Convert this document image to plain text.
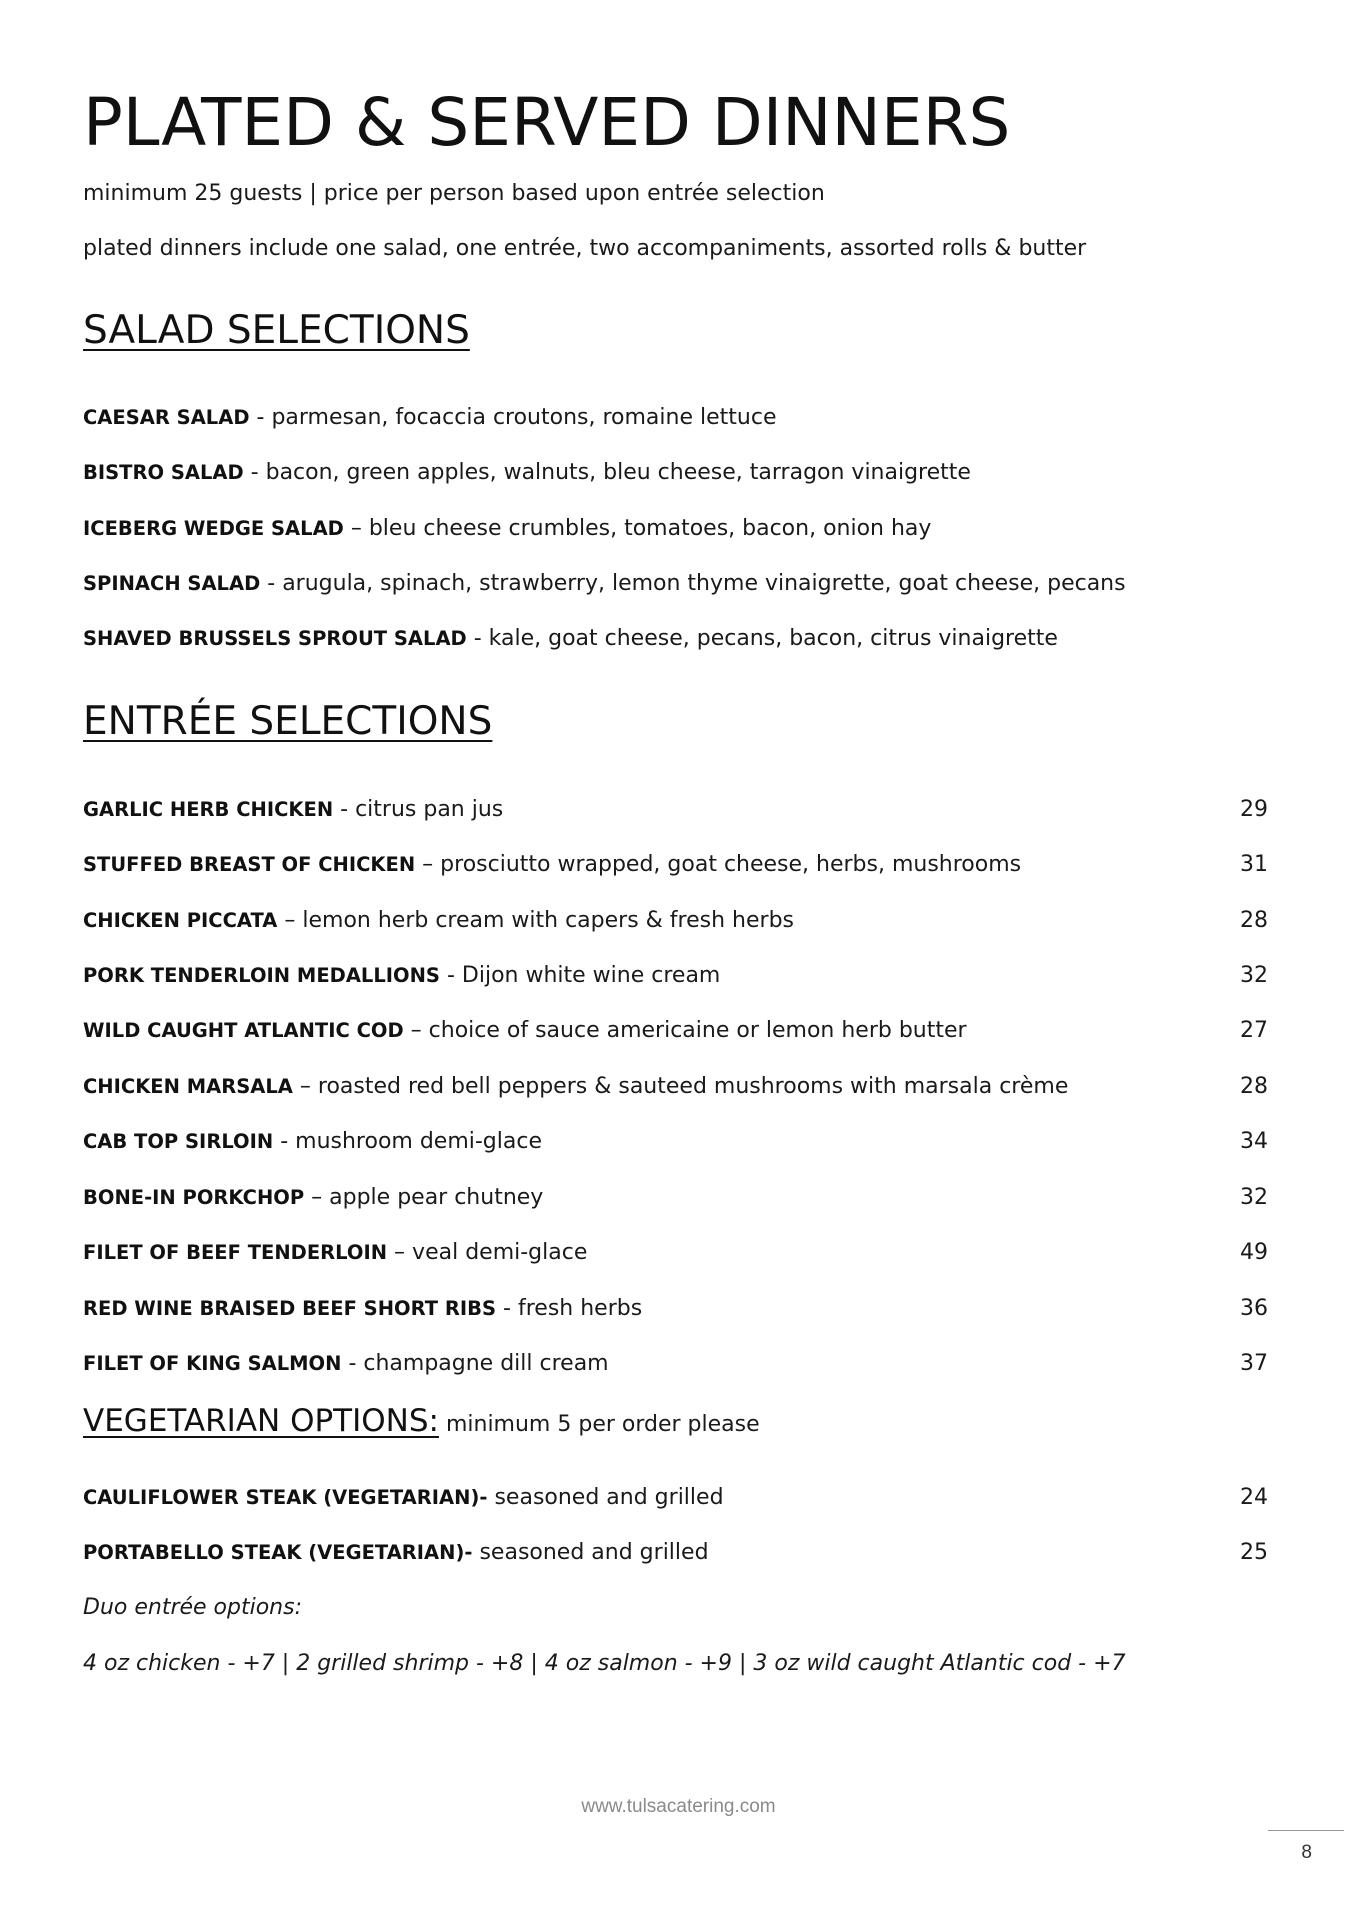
PLATED & SERVED DINNERS
minimum 25 guests | price per person based upon entrée selection
plated dinners include one salad, one entrée, two accompaniments, assorted rolls & butter
SALAD SELECTIONS
CAESAR SALAD - parmesan, focaccia croutons, romaine lettuce
BISTRO SALAD - bacon, green apples, walnuts, bleu cheese, tarragon vinaigrette
ICEBERG WEDGE SALAD – bleu cheese crumbles, tomatoes, bacon, onion hay
SPINACH SALAD - arugula, spinach, strawberry, lemon thyme vinaigrette, goat cheese, pecans
SHAVED BRUSSELS SPROUT SALAD - kale, goat cheese, pecans, bacon, citrus vinaigrette
ENTRÉE SELECTIONS
GARLIC HERB CHICKEN - citrus pan jus	29
STUFFED BREAST OF CHICKEN – prosciutto wrapped, goat cheese, herbs, mushrooms	31
CHICKEN PICCATA – lemon herb cream with capers & fresh herbs	28
PORK TENDERLOIN MEDALLIONS - Dijon white wine cream	32
WILD CAUGHT ATLANTIC COD – choice of sauce americaine or lemon herb butter	27
CHICKEN MARSALA – roasted red bell peppers & sauteed mushrooms with marsala crème	28
CAB TOP SIRLOIN - mushroom demi-glace	34
BONE-IN PORKCHOP – apple pear chutney	32
FILET OF BEEF TENDERLOIN – veal demi-glace	49
RED WINE BRAISED BEEF SHORT RIBS - fresh herbs	36
FILET OF KING SALMON - champagne dill cream	37
VEGETARIAN OPTIONS: minimum 5 per order please
CAULIFLOWER STEAK (VEGETARIAN)- seasoned and grilled	24
PORTABELLO STEAK (VEGETARIAN)- seasoned and grilled	25
Duo entrée options:
4 oz chicken - +7 | 2 grilled shrimp - +8 | 4 oz salmon - +9 | 3 oz wild caught Atlantic cod - +7
www.tulsacatering.com
8
